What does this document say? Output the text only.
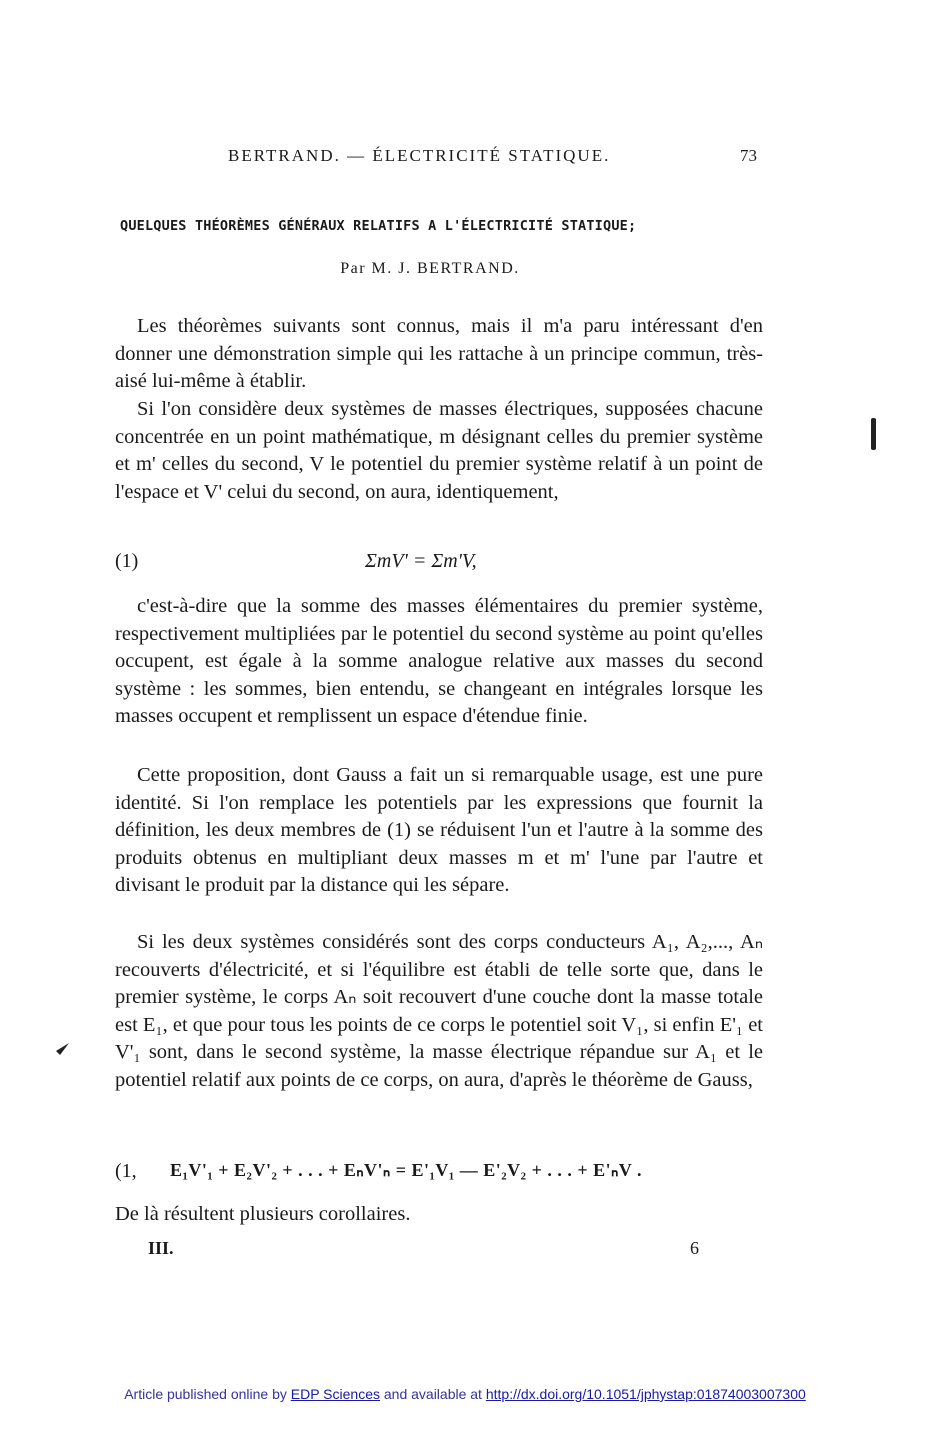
BERTRAND. — ÉLECTRICITÉ STATIQUE.	73
QUELQUES THÉORÈMES GÉNÉRAUX RELATIFS A L'ÉLECTRICITÉ STATIQUE;
Par M. J. BERTRAND.

Les théorèmes suivants sont connus, mais il m'a paru intéressant d'en donner une démonstration simple qui les rattache à un principe commun, très-aisé lui-même à établir.

Si l'on considère deux systèmes de masses électriques, supposées chacune concentrée en un point mathématique, m désignant celles du premier système et m' celles du second, V le potentiel du premier système relatif à un point de l'espace et V' celui du second, on aura, identiquement,

(1)	ΣmV' = Σm'V,

c'est-à-dire que la somme des masses élémentaires du premier système, respectivement multipliées par le potentiel du second système au point qu'elles occupent, est égale à la somme analogue relative aux masses du second système : les sommes, bien entendu, se changeant en intégrales lorsque les masses occupent et remplissent un espace d'étendue finie.

Cette proposition, dont Gauss a fait un si remarquable usage, est une pure identité. Si l'on remplace les potentiels par les expressions que fournit la définition, les deux membres de (1) se réduisent l'un et l'autre à la somme des produits obtenus en multipliant deux masses m et m' l'une par l'autre et divisant le produit par la distance qui les sépare.

Si les deux systèmes considérés sont des corps conducteurs A₁, A₂,..., Aₙ recouverts d'électricité, et si l'équilibre est établi de telle sorte que, dans le premier système, le corps Aₙ soit recouvert d'une couche dont la masse totale est E₁, et que pour tous les points de ce corps le potentiel soit V₁, si enfin E'₁ et V'₁ sont, dans le second système, la masse électrique répandue sur A₁ et le potentiel relatif aux points de ce corps, on aura, d'après le théorème de Gauss,

(1, E₁V'₁ + E₂V'₂ + . . . + EₙV'ₙ = E'₁V₁ — E'₂V₂ + . . . + E'ₙV .

De là résultent plusieurs corollaires.

III.	6
Article published online by EDP Sciences and available at http://dx.doi.org/10.1051/jphystap:01874003007300
